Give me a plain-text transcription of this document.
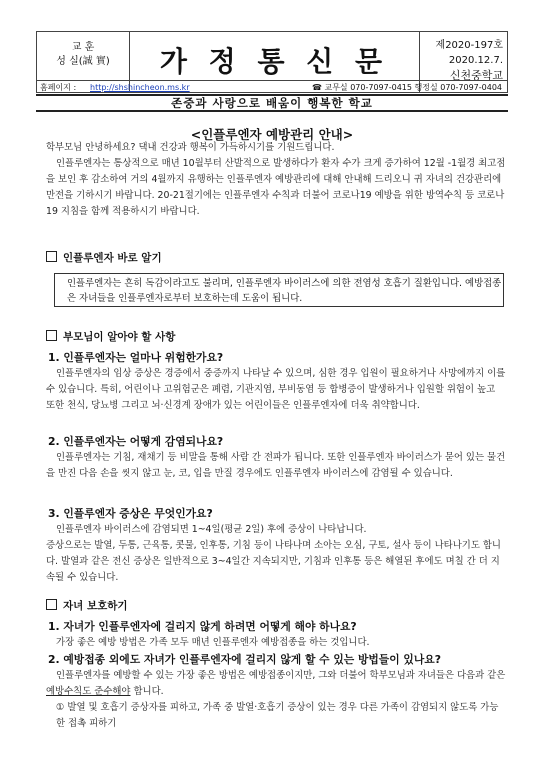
교 훈
성 실(誠 實)	가 정 통 신 문	제2020-197호
2020.12.7.
신천중학교
홈페이지 : http://shshincheon.ms.kr	☎ 교무실 070-7097-0415 행정실 070-7097-0404
존중과 사랑으로 배움이 행복한 학교
<인플루엔자 예방관리 안내>
학부모님 안녕하세요? 댁내 건강과 행복이 가득하시기를 기원드립니다.
인플루엔자는 통상적으로 매년 10월부터 산발적으로 발생하다가 환자 수가 크게 증가하여 12월 -1월경 최고점을 보인 후 감소하여 거의 4월까지 유행하는 인플루엔자 예방관리에 대해 안내해 드리오니 귀 자녀의 건강관리에 만전을 기하시기 바랍니다. 20-21절기에는 인플루엔자 수칙과 더불어 코로나19 예방을 위한 방역수칙 등 코로나19 지침을 함께 적용하시기 바랍니다.
인플루엔자 바로 알기
인플루엔자는 흔히 독감이라고도 불리며, 인플루엔자 바이러스에 의한 전염성 호흡기 질환입니다. 예방접종은 자녀들을 인플루엔자로부터 보호하는데 도움이 됩니다.
부모님이 알아야 할 사항
1. 인플루엔자는 얼마나 위험한가요?
인플루엔자의 임상 증상은 경증에서 중증까지 나타날 수 있으며, 심한 경우 입원이 필요하거나 사망에까지 이를 수 있습니다. 특히, 어린이나 고위험군은 폐렴, 기관지염, 부비동염 등 합병증이 발생하거나 입원할 위험이 높고 또한 천식, 당뇨병 그리고 뇌·신경계 장애가 있는 어린이들은 인플루엔자에 더욱 취약합니다.
2. 인플루엔자는 어떻게 감염되나요?
인플루엔자는 기침, 재채기 등 비말을 통해 사람 간 전파가 됩니다. 또한 인플루엔자 바이러스가 묻어 있는 물건을 만진 다음 손을 씻지 않고 눈, 코, 입을 만질 경우에도 인플루엔자 바이러스에 감염될 수 있습니다.
3. 인플루엔자 증상은 무엇인가요?
인플루엔자 바이러스에 감염되면 1~4일(평균 2일) 후에 증상이 나타납니다.
증상으로는 발열, 두통, 근육통, 콧물, 인후통, 기침 등이 나타나며 소아는 오심, 구토, 설사 등이 나타나기도 합니다. 발열과 같은 전신 증상은 일반적으로 3~4일간 지속되지만, 기침과 인후통 등은 해열된 후에도 며칠 간 더 지속될 수 있습니다.
자녀 보호하기
1. 자녀가 인플루엔자에 걸리지 않게 하려면 어떻게 해야 하나요?
가장 좋은 예방 방법은 가족 모두 매년 인플루엔자 예방접종을 하는 것입니다.
2. 예방접종 외에도 자녀가 인플루엔자에 걸리지 않게 할 수 있는 방법들이 있나요?
인플루엔자를 예방할 수 있는 가장 좋은 방법은 예방접종이지만, 그와 더불어 학부모님과 자녀들은 다음과 같은 예방수칙도 준수해야 합니다.
① 발열 및 호흡기 증상자를 피하고, 가족 중 발열·호흡기 증상이 있는 경우 다른 가족이 감염되지 않도록 가능한 접촉 피하기
